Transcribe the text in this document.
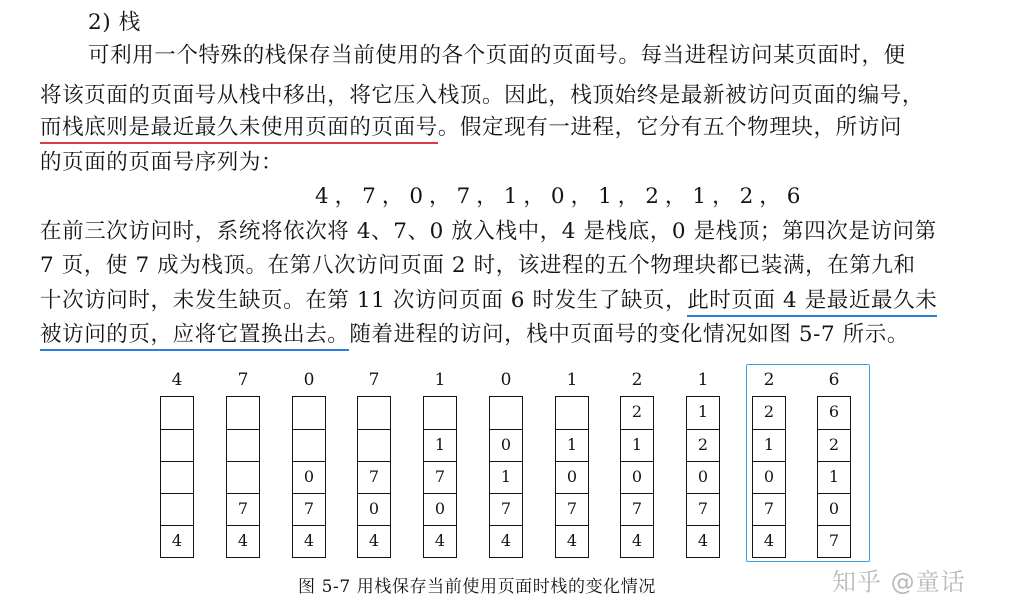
2) 栈
可利用一个特殊的栈保存当前使用的各个页面的页面号。每当进程访问某页面时，便
将该页面的页面号从栈中移出，将它压入栈顶。因此，栈顶始终是最新被访问页面的编号，
而栈底则是最近最久未使用页面的页面号。假定现有一进程，它分有五个物理块，所访问
的页面的页面号序列为：
4，7，0，7，1，0，1，2，1，2，6
在前三次访问时，系统将依次将 4、7、0 放入栈中，4 是栈底，0 是栈顶；第四次是访问第
7 页，使 7 成为栈顶。在第八次访问页面 2 时，该进程的五个物理块都已装满，在第九和
十次访问时，未发生缺页。在第 11 次访问页面 6 时发生了缺页，此时页面 4 是最近最久未
被访问的页，应将它置换出去。随着进程的访问，栈中页面号的变化情况如图 5-7 所示。
4
4
7
7
4
0
0
7
4
7
7
0
4
1
1
7
0
4
0
0
1
7
4
1
1
0
7
4
2
2
1
0
7
4
1
1
2
0
7
4
2
2
1
0
7
4
6
6
2
1
0
7
图 5-7 用栈保存当前使用页面时栈的变化情况	知乎 @童话
